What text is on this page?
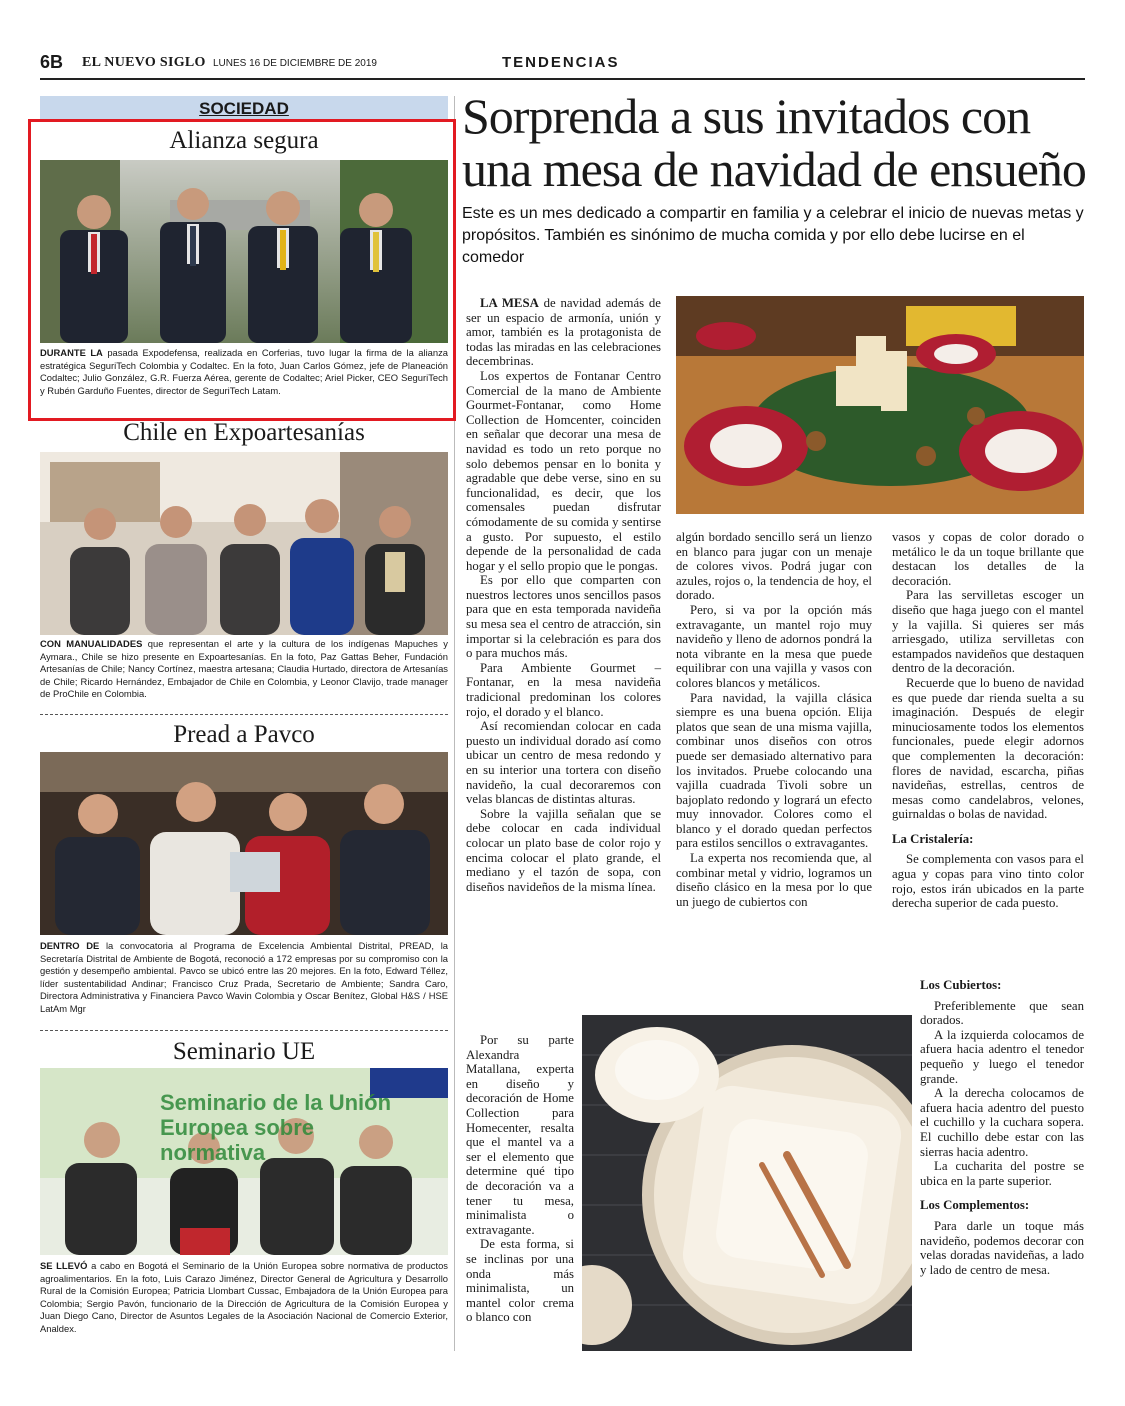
6B EL NUEVO SIGLO LUNES 16 DE DICIEMBRE DE 2019	TENDENCIAS
SOCIEDAD
Alianza segura
DURANTE LA pasada Expodefensa, realizada en Corferias, tuvo lugar la firma de la alianza estratégica SeguriTech Colombia y Codaltec. En la foto, Juan Carlos Gómez, jefe de Planeación Codaltec; Julio González, G.R. Fuerza Aérea, gerente de Codaltec; Ariel Picker, CEO SeguriTech y Rubén Garduño Fuentes, director de SeguriTech Latam.
Chile en Expoartesanías
CON MANUALIDADES que representan el arte y la cultura de los indígenas Mapuches y Aymara., Chile se hizo presente en Expoartesanías. En la foto, Paz Gattas Beher, Fundación Artesanías de Chile; Nancy Cortínez, maestra artesana; Claudia Hurtado, directora de Artesanías de Chile; Ricardo Hernández, Embajador de Chile en Colombia, y Leonor Clavijo, trade manager de ProChile en Colombia.
Pread a Pavco
DENTRO DE la convocatoria al Programa de Excelencia Ambiental Distrital, PREAD, la Secretaría Distrital de Ambiente de Bogotá, reconoció a 172 empresas por su compromiso con la gestión y desempeño ambiental. Pavco se ubicó entre las 20 mejores. En la foto, Edward Téllez, líder sustentabilidad Andinar; Francisco Cruz Prada, Secretario de Ambiente; Sandra Caro, Directora Administrativa y Financiera Pavco Wavin Colombia y Oscar Benítez, Global H&S / HSE LatAm Mgr
Seminario UE
Seminario de la Unión Europea sobre normativa
SE LLEVÓ a cabo en Bogotá el Seminario de la Unión Europea sobre normativa de productos agroalimentarios. En la foto, Luis Carazo Jiménez, Director General de Agricultura y Desarrollo Rural de la Comisión Europea; Patricia Llombart Cussac, Embajadora de la Unión Europea para Colombia; Sergio Pavón, funcionario de la Dirección de Agricultura de la Comisión Europea y Juan Diego Cano, Director de Asuntos Legales de la Asociación Nacional de Comercio Exterior, Analdex.
Sorprenda a sus invitados con una mesa de navidad de ensueño
Este es un mes dedicado a compartir en familia y a celebrar el inicio de nuevas metas y propósitos. También es sinónimo de mucha comida y por ello debe lucirse en el comedor

LA MESA de navidad además de ser un espacio de armonía, unión y amor, también es la protagonista de todas las miradas en las celebraciones decembrinas.

Los expertos de Fontanar Centro Comercial de la mano de Ambiente Gourmet-Fontanar, como Home Collection de Homcenter, coinciden en señalar que decorar una mesa de navidad es todo un reto porque no solo debemos pensar en lo bonita y agradable que debe verse, sino en su funcionalidad, es decir, que los comensales puedan disfrutar cómodamente de su comida y sentirse a gusto. Por supuesto, el estilo depende de la personalidad de cada hogar y el sello propio que le pongas.

Es por ello que comparten con nuestros lectores unos sencillos pasos para que en esta temporada navideña su mesa sea el centro de atracción, sin importar si la celebración es para dos o para muchos más.

Para Ambiente Gourmet – Fontanar, en la mesa navideña tradicional predominan los colores rojo, el dorado y el blanco.

Así recomiendan colocar en cada puesto un individual dorado así como ubicar un centro de mesa redondo y en su interior una tortera con diseño navideño, la cual decoraremos con velas blancas de distintas alturas.

Sobre la vajilla señalan que se debe colocar en cada individual colocar un plato base de color rojo y encima colocar el plato grande, el mediano y el tazón de sopa, con diseños navideños de la misma línea.

Por su parte Alexandra Matallana, experta en diseño y decoración de Home Collection para Homecenter, resalta que el mantel va a ser el elemento que determine qué tipo de decoración va a tener tu mesa, minimalista o extravagante.

De esta forma, si se inclinas por una onda más minimalista, un mantel color crema o blanco con

algún bordado sencillo será un lienzo en blanco para jugar con un menaje de colores vivos. Podrá jugar con azules, rojos o, la tendencia de hoy, el dorado.

Pero, si va por la opción más extravagante, un mantel rojo muy navideño y lleno de adornos pondrá la nota vibrante en la mesa que puede equilibrar con una vajilla y vasos con colores blancos y metálicos.

Para navidad, la vajilla clásica siempre es una buena opción. Elija platos que sean de una misma vajilla, combinar unos diseños con otros puede ser demasiado alternativo para los invitados. Pruebe colocando una vajilla cuadrada Tivoli sobre un bajoplato redondo y logrará un efecto muy innovador. Colores como el blanco y el dorado quedan perfectos para estilos sencillos o extravagantes.

La experta nos recomienda que, al combinar metal y vidrio, logramos un diseño clásico en la mesa por lo que un juego de cubiertos con

vasos y copas de color dorado o metálico le da un toque brillante que destacan los detalles de la decoración.

Para las servilletas escoger un diseño que haga juego con el mantel y la vajilla. Si quieres ser más arriesgado, utiliza servilletas con estampados navideños que destaquen dentro de la decoración.

Recuerde que lo bueno de navidad es que puede dar rienda suelta a su imaginación. Después de elegir minuciosamente todos los elementos funcionales, puede elegir adornos que complementen la decoración: flores de navidad, escarcha, piñas navideñas, estrellas, centros de mesas como candelabros, velones, guirnaldas o bolas de navidad.

La Cristalería:

Se complementa con vasos para el agua y copas para vino tinto color rojo, estos irán ubicados en la parte derecha superior de cada puesto.

Los Cubiertos:

Preferiblemente que sean dorados.

A la izquierda colocamos de afuera hacia adentro el tenedor pequeño y luego el tenedor grande.

A la derecha colocamos de afuera hacia adentro del puesto el cuchillo y la cuchara sopera. El cuchillo debe estar con las sierras hacia adentro.

La cucharita del postre se ubica en la parte superior.

Los Complementos:

Para darle un toque más navideño, podemos decorar con velas doradas navideñas, a lado y lado de centro de mesa.
